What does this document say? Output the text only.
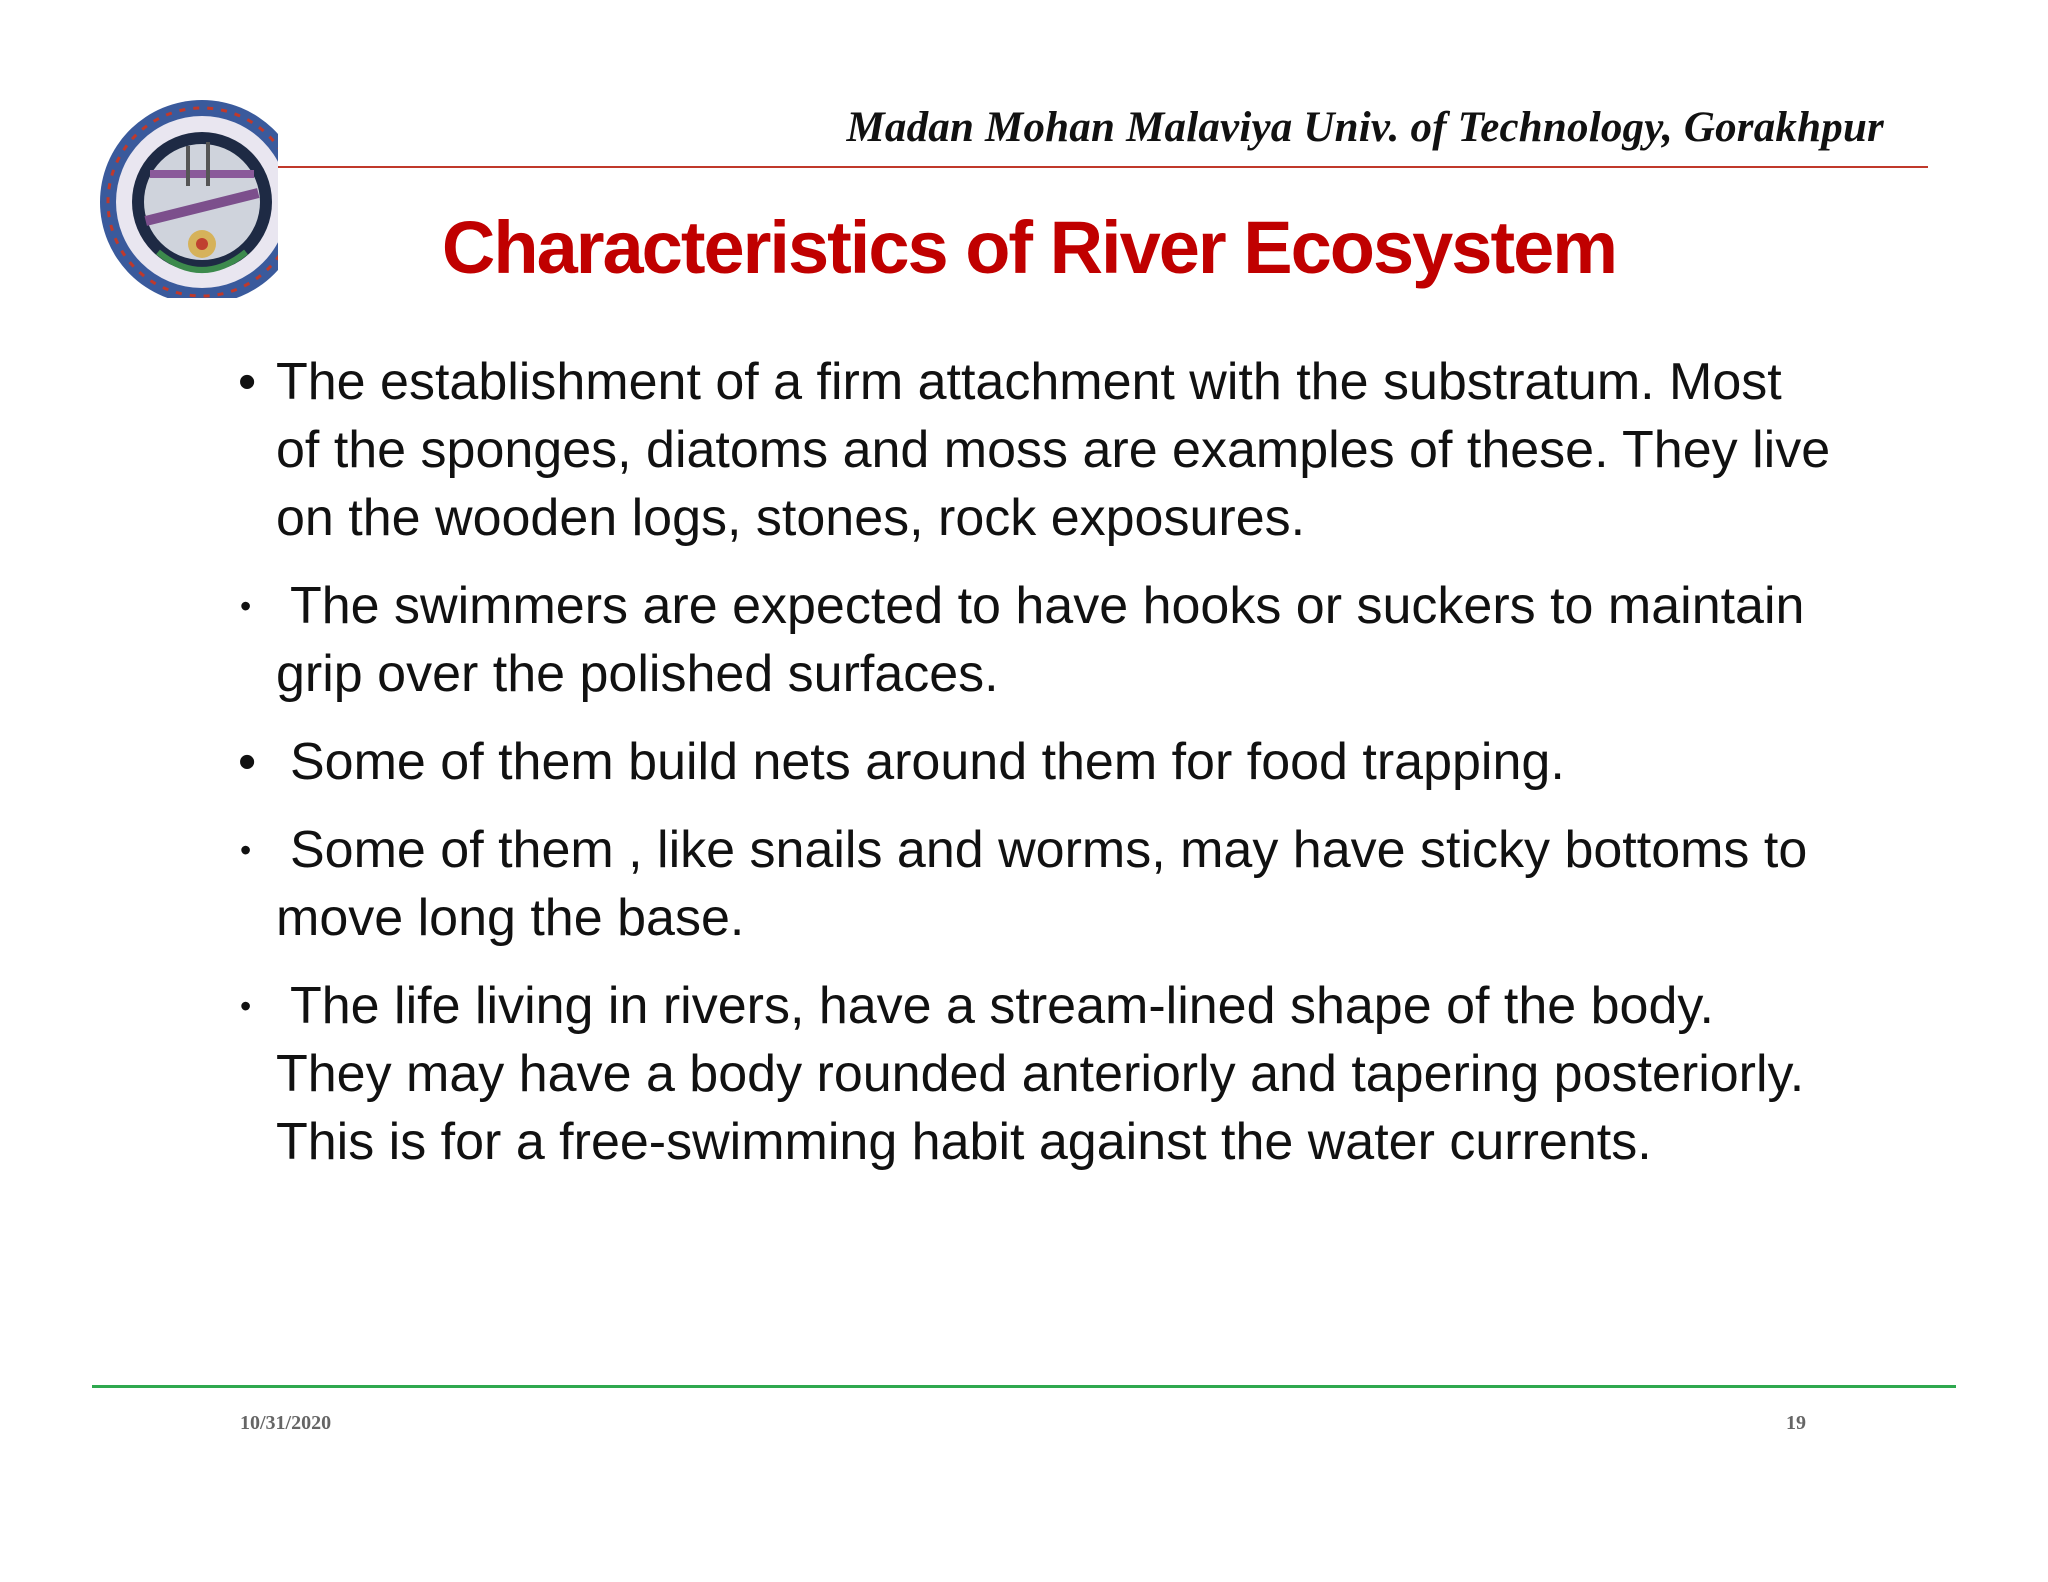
Madan Mohan Malaviya Univ. of Technology, Gorakhpur
Characteristics of River Ecosystem
• The establishment of a firm attachment with the substratum. Most of the sponges, diatoms and moss are examples of these. They live on the wooden logs, stones, rock exposures.
• The swimmers are expected to have hooks or suckers to maintain grip over the polished surfaces.
• Some of them build nets around them for food trapping.
• Some of them , like snails and worms, may have sticky bottoms to move long the base.
• The life living in rivers, have a stream-lined shape of the body. They may have a body rounded anteriorly and tapering posteriorly. This is for a free-swimming habit against the water currents.
10/31/2020	19
